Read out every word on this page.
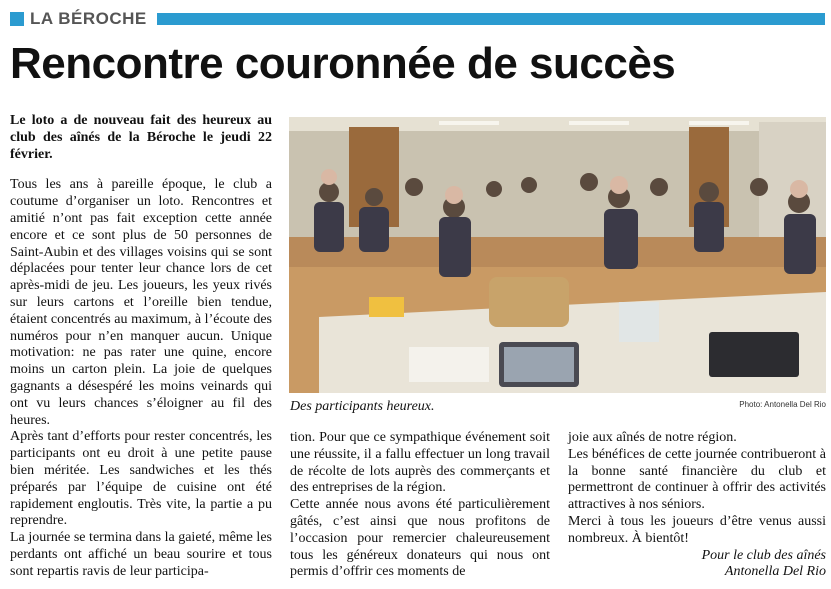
LA BÉROCHE
Rencontre couronnée de succès

Le loto a de nouveau fait des heureux au club des aînés de la Béroche le jeudi 22 février.

Tous les ans à pareille époque, le club a coutume d’organiser un loto. Rencontres et amitié n’ont pas fait exception cette année encore et ce sont plus de 50 personnes de Saint-Aubin et des villages voisins qui se sont déplacées pour tenter leur chance lors de cet après-midi de jeu. Les joueurs, les yeux rivés sur leurs cartons et l’oreille bien tendue, étaient concentrés au maximum, à l’écoute des numéros pour n’en manquer aucun. Unique motivation: ne pas rater une quine, encore moins un carton plein. La joie de quelques gagnants a désespéré les moins veinards qui ont vu leurs chances s’éloigner au fil des heures.

Après tant d’efforts pour rester concentrés, les participants ont eu droit à une petite pause bien méritée. Les sandwiches et les thés préparés par l’équipe de cuisine ont été rapidement engloutis. Très vite, la partie a pu reprendre.

La journée se termina dans la gaieté, même les perdants ont affiché un beau sourire et tous sont repartis ravis de leur participa-

Des participants heureux.	Photo: Antonella Del Rio

tion. Pour que ce sympathique événement soit une réussite, il a fallu effectuer un long travail de récolte de lots auprès des commerçants et des entreprises de la région.

Cette année nous avons été particulièrement gâtés, c’est ainsi que nous profitons de l’occasion pour remercier chaleureusement tous les généreux donateurs qui nous ont permis d’offrir ces moments de

joie aux aînés de notre région.

Les bénéfices de cette journée contribueront à la bonne santé financière du club et permettront de continuer à offrir des activités attractives à nos séniors.

Merci à tous les joueurs d’être venus aussi nombreux. À bientôt!

Pour le club des aînés

Antonella Del Rio
